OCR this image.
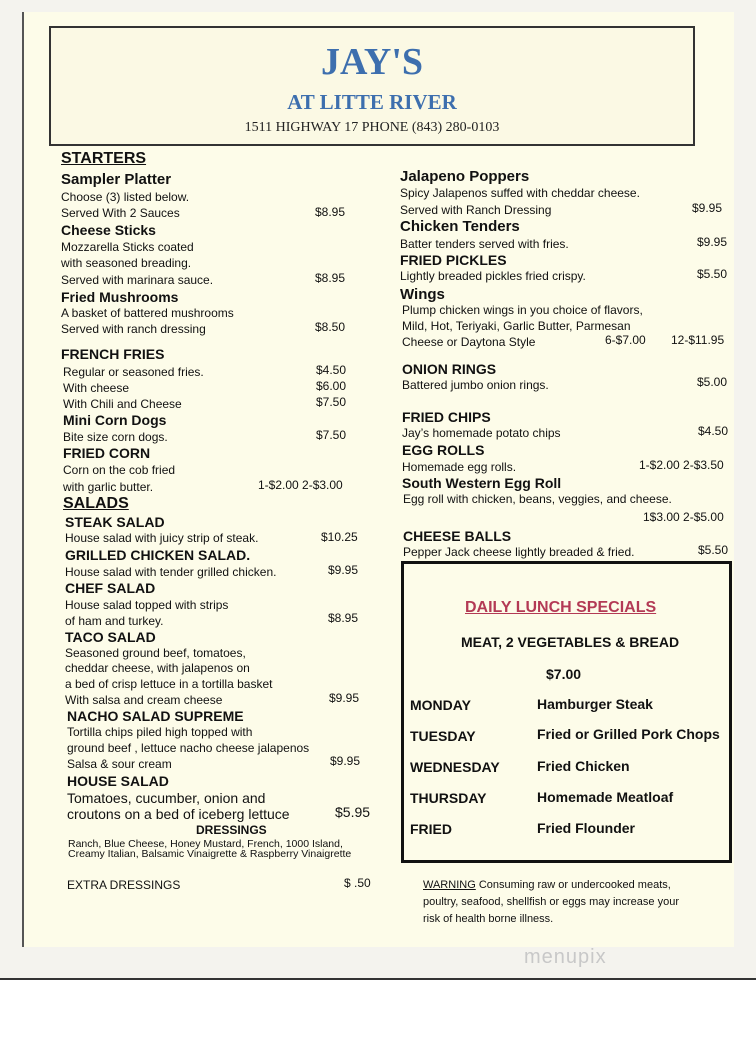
JAY'S
AT LITTE RIVER
1511 HIGHWAY 17 PHONE (843) 280-0103
STARTERS
Sampler Platter
Choose (3) listed below.
Served With 2 Sauces	$8.95
Cheese Sticks
Mozzarella Sticks coated
with seasoned breading.
Served with marinara sauce.	$8.95
Fried Mushrooms
A basket of battered mushrooms
Served with ranch dressing	$8.50
FRENCH FRIES
Regular or seasoned fries.	$4.50
With cheese	$6.00
With Chili and Cheese	$7.50
Mini Corn Dogs
Bite size corn dogs.	$7.50
FRIED CORN
Corn on the cob fried
with garlic butter.	1-$2.00 2-$3.00
SALADS
STEAK SALAD
House salad with juicy strip of steak.	$10.25
GRILLED CHICKEN SALAD.
House salad with tender grilled chicken.	$9.95
CHEF SALAD
House salad topped with strips
of ham and turkey.	$8.95
TACO SALAD
Seasoned ground beef, tomatoes,
cheddar cheese, with jalapenos on
a bed of crisp lettuce in a tortilla basket
With salsa and cream cheese	$9.95
NACHO SALAD SUPREME
Tortilla chips piled high topped with
ground beef , lettuce nacho cheese jalapenos
Salsa & sour cream	$9.95
HOUSE SALAD
Tomatoes, cucumber, onion and
croutons on a bed of iceberg lettuce	$5.95
DRESSINGS
Ranch, Blue Cheese, Honey Mustard, French, 1000 Island,
Creamy Italian, Balsamic Vinaigrette & Raspberry Vinaigrette
EXTRA DRESSINGS	$ .50
Jalapeno Poppers
Spicy Jalapenos suffed with cheddar cheese.
Served with Ranch Dressing	$9.95
Chicken Tenders
Batter tenders served with fries.	$9.95
FRIED PICKLES
Lightly breaded pickles fried crispy.	$5.50
Wings
Plump chicken wings in you choice of flavors,
Mild, Hot, Teriyaki, Garlic Butter, Parmesan
Cheese or Daytona Style	6-$7.00 12-$11.95
ONION RINGS
Battered jumbo onion rings.	$5.00
FRIED CHIPS
Jay’s homemade potato chips	$4.50
EGG ROLLS
Homemade egg rolls.	1-$2.00 2-$3.50
South Western Egg Roll
Egg roll with chicken, beans, veggies, and cheese.
1$3.00 2-$5.00
CHEESE BALLS
Pepper Jack cheese lightly breaded & fried.	$5.50
DAILY LUNCH SPECIALS
MEAT, 2 VEGETABLES & BREAD
$7.00
MONDAY	Hamburger Steak
TUESDAY	Fried or Grilled Pork Chops
WEDNESDAY	Fried Chicken
THURSDAY	Homemade Meatloaf
FRIED	Fried Flounder
WARNING Consuming raw or undercooked meats,
poultry, seafood, shellfish or eggs may increase your
risk of health borne illness.
menupix
